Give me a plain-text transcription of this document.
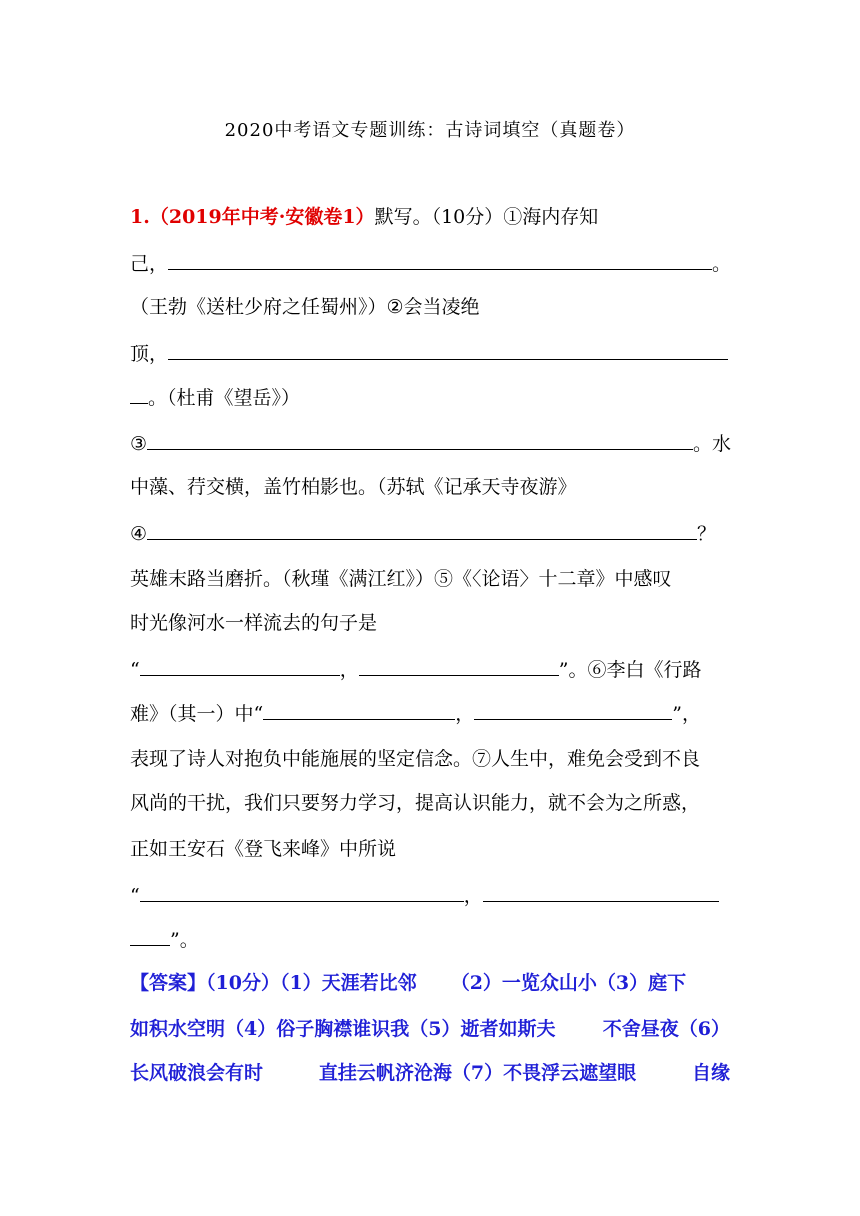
2020中考语文专题训练：古诗词填空（真题卷）
1.（2019年中考·安徽卷1）默写。（10分）①海内存知
己，	。
（王勃《送杜少府之任蜀州》）②会当凌绝
顶，
。（杜甫《望岳》）
③	。水
中藻、荇交横，盖竹柏影也。（苏轼《记承天寺夜游》
④	？
英雄末路当磨折。（秋瑾《满江红》）⑤《〈论语〉十二章》中感叹
时光像河水一样流去的句子是
“	，	”。⑥李白《行路
难》（其一）中“	，	”，
表现了诗人对抱负中能施展的坚定信念。⑦人生中，难免会受到不良
风尚的干扰，我们只要努力学习，提高认识能力，就不会为之所惑，
正如王安石《登飞来峰》中所说
“	，
”。
【答案】（10分）（1）天涯若比邻 （2）一览众山小（3）庭下
如积水空明（4）俗子胸襟谁识我（5）逝者如斯夫 不舍昼夜（6）
长风破浪会有时	直挂云帆济沧海（7）不畏浮云遮望眼	自缘
